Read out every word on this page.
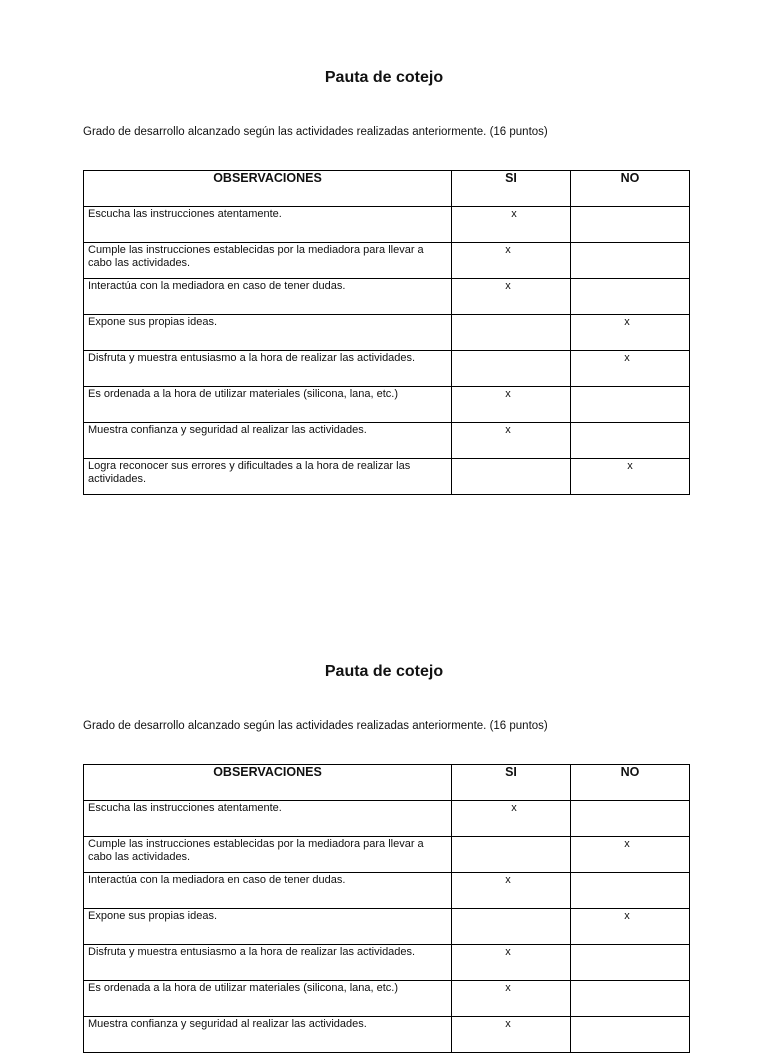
Pauta de cotejo

Grado de desarrollo alcanzado según las actividades realizadas anteriormente. (16 puntos)

OBSERVACIONES	SI	NO
Escucha las instrucciones atentamente.	x	
Cumple las instrucciones establecidas por la mediadora para llevar a cabo las actividades.	x	
Interactúa con la mediadora en caso de tener dudas.	x	
Expone sus propias ideas.		x
Disfruta y muestra entusiasmo a la hora de realizar las actividades.		x
Es ordenada a la hora de utilizar materiales (silicona, lana, etc.)	x	
Muestra confianza y seguridad al realizar las actividades.	x	
Logra reconocer sus errores y dificultades a la hora de realizar las actividades.		x
Pauta de cotejo

Grado de desarrollo alcanzado según las actividades realizadas anteriormente. (16 puntos)

OBSERVACIONES	SI	NO
Escucha las instrucciones atentamente.	x	
Cumple las instrucciones establecidas por la mediadora para llevar a cabo las actividades.		x
Interactúa con la mediadora en caso de tener dudas.	x	
Expone sus propias ideas.		x
Disfruta y muestra entusiasmo a la hora de realizar las actividades.	x	
Es ordenada a la hora de utilizar materiales (silicona, lana, etc.)	x	
Muestra confianza y seguridad al realizar las actividades.	x	
